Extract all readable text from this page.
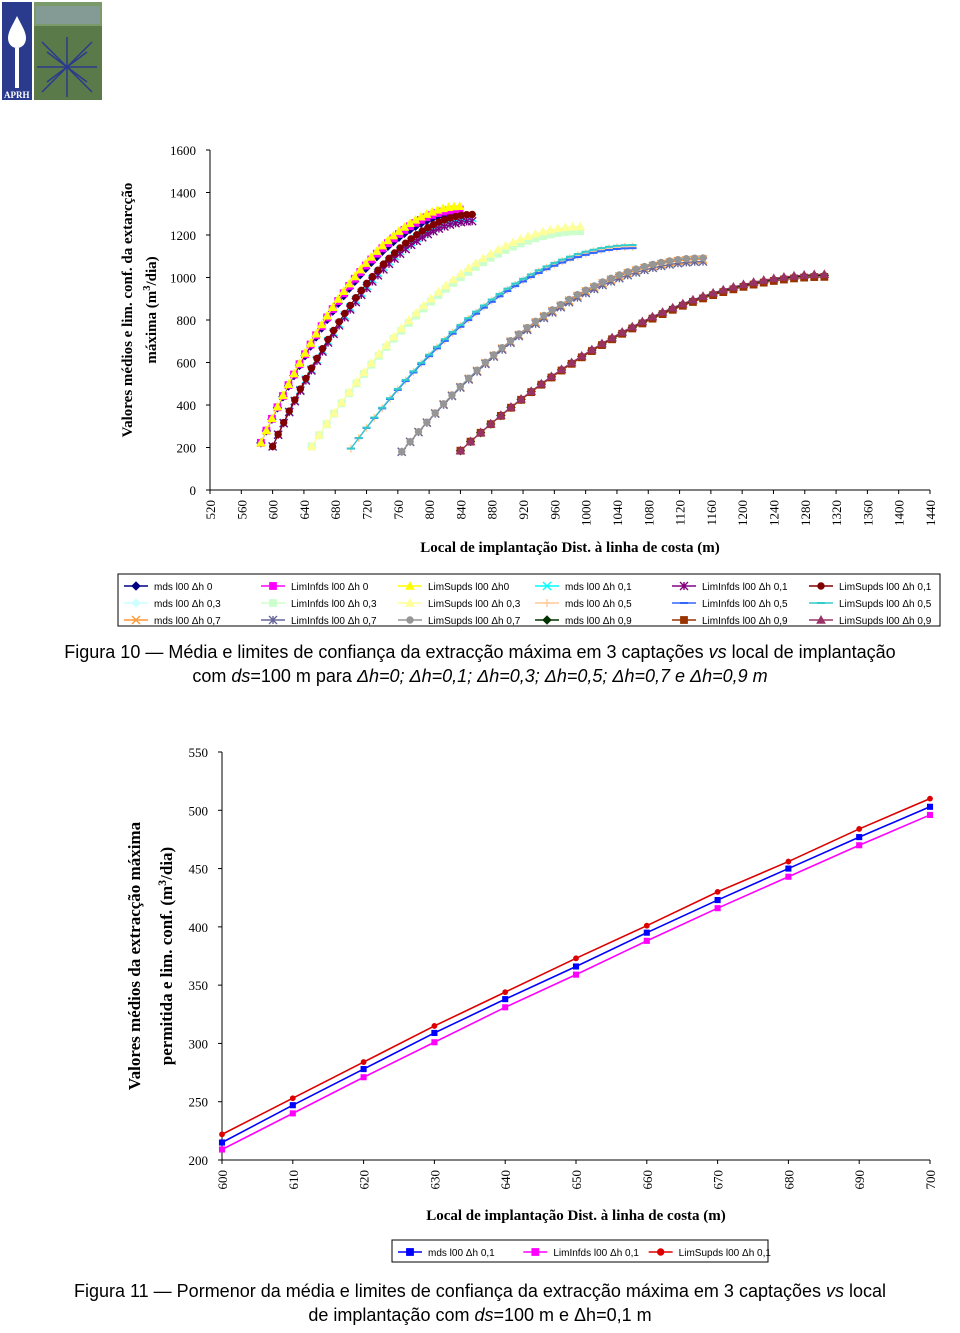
APRH
0
200
400
600
800
1000
1200
1400
1600
520 560 600 640 680 720 760 800 840 880 920 960 1000 1040 1080 1120 1160 1200 1240 1280 1320 1360 1400 1440
Local de implantação Dist. à linha de costa (m)
Valores médios e lim. conf. da extarcção máxima $(m^3/dia)$
mds l00 Δh 0	LimInfds l00 Δh 0	LimSupds l00 Δh0	mds l00 Δh 0,1	LimInfds l00 Δh 0,1	LimSupds l00 Δh 0,1
mds l00 Δh 0,3	LimInfds l00 Δh 0,3	LimSupds l00 Δh 0,3	mds l00 Δh 0,5	LimInfds l00 Δh 0,5	LimSupds l00 Δh 0,5
mds l00 Δh 0,7	LimInfds l00 Δh 0,7	LimSupds l00 Δh 0,7	mds l00 Δh 0,9	LimInfds l00 Δh 0,9	LimSupds l00 Δh 0,9
Figura 10 — Média e limites de confiança da extracção máxima em 3 captações vs local de implantação
com ds=100 m para Δh=0; Δh=0,1; Δh=0,3; Δh=0,5; Δh=0,7 e Δh=0,9 m
200
250
300
350
400
450
500
550
600	610	620	630	640	650	660	670	680	690	700
Local de implantação Dist. à linha de costa (m)
Valores médios da extracção máxima permitida e lim. conf. $(m^3/dia)$
mds l00 Δh 0,1	LimInfds l00 Δh 0,1	LimSupds l00 Δh 0,1
Figura 11 — Pormenor da média e limites de confiança da extracção máxima em 3 captações vs local
de implantação com ds=100 m e Δh=0,1 m
